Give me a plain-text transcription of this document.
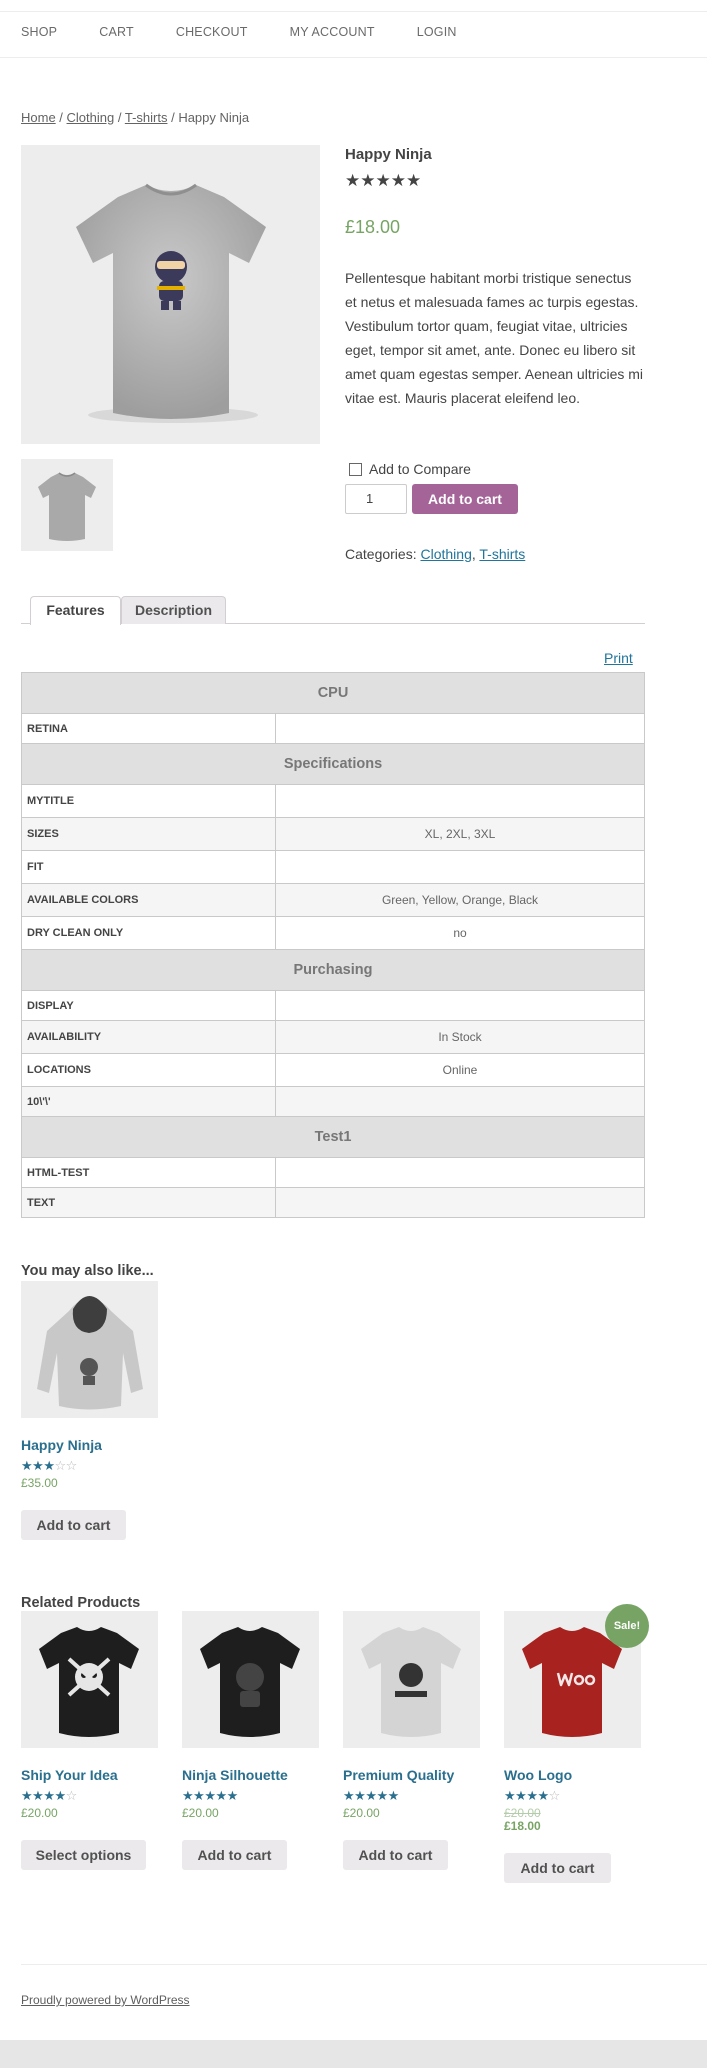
SHOP	CART	CHECKOUT	MY ACCOUNT	LOGIN
Home / Clothing / T-shirts / Happy Ninja
Happy Ninja
★★★★★
£18.00

Pellentesque habitant morbi tristique senectus et netus et malesuada fames ac turpis egestas. Vestibulum tortor quam, feugiat vitae, ultricies eget, tempor sit amet, ante. Donec eu libero sit amet quam egestas semper. Aenean ultricies mi vitae est. Mauris placerat eleifend leo.

Add to Compare
1	Add to cart
Categories: Clothing, T-shirts
Features	Description
Print
CPU	
RETINA	
Specifications	
MYTITLE	
SIZES	XL, 2XL, 3XL
FIT	
AVAILABLE COLORS	Green, Yellow, Orange, Black
DRY CLEAN ONLY	no
Purchasing	
DISPLAY	
AVAILABILITY	In Stock
LOCATIONS	Online
10\'\'	
Test1	
HTML-TEST	
TEXT	
You may also like...
Happy Ninja
★★★☆☆
£35.00
Add to cart
Related Products
Ship Your Idea
★★★★☆
£20.00
Select options
Ninja Silhouette
★★★★★
£20.00
Add to cart
Premium Quality
★★★★★
£20.00
Add to cart
Sale!
Woo Logo
★★★★☆
£20.00
£18.00
Add to cart
Proudly powered by WordPress
